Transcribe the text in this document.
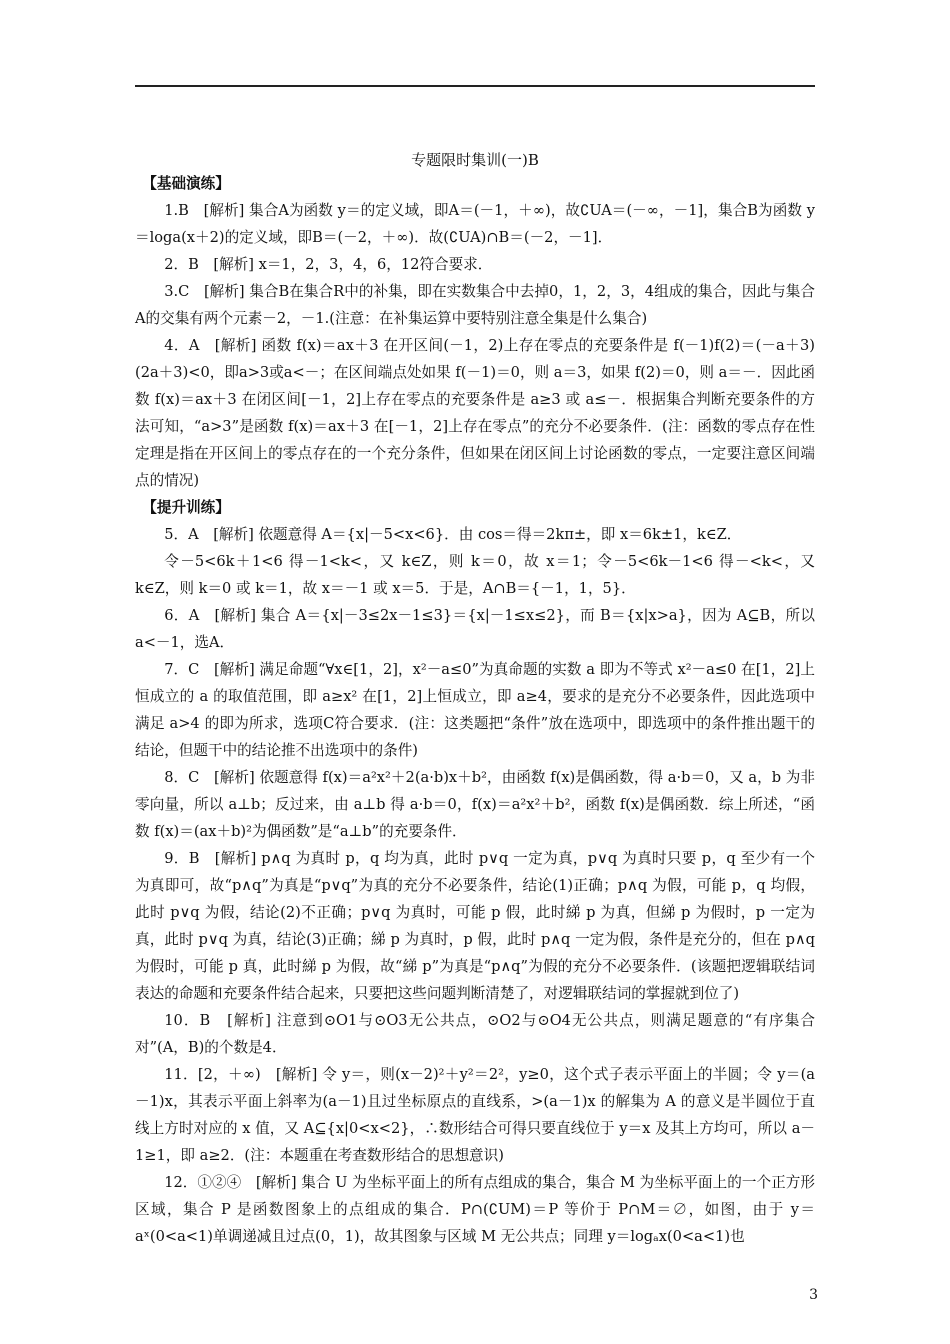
专题限时集训(一)B

【基础演练】

1.B　[解析] 集合A为函数 y＝的定义域，即A＝(－1，＋∞)，故∁UA＝(－∞，－1]，集合B为函数 y＝loga(x＋2)的定义域，即B＝(－2，＋∞)．故(∁UA)∩B＝(－2，－1]．

2．B　[解析] x＝1，2，3，4，6，12符合要求．

3.C　[解析] 集合B在集合R中的补集，即在实数集合中去掉0，1，2，3，4组成的集合，因此与集合A的交集有两个元素－2，－1.(注意：在补集运算中要特别注意全集是什么集合)

4．A　[解析] 函数 f(x)＝ax＋3 在开区间(－1，2)上存在零点的充要条件是 f(－1)f(2)＝(－a＋3)(2a＋3)<0，即a>3或a<－；在区间端点处如果 f(－1)＝0，则 a＝3，如果 f(2)＝0，则 a＝－．因此函数 f(x)＝ax＋3 在闭区间[－1，2]上存在零点的充要条件是 a≥3 或 a≤－．根据集合判断充要条件的方法可知，“a>3”是函数 f(x)＝ax＋3 在[－1，2]上存在零点”的充分不必要条件．(注：函数的零点存在性定理是指在开区间上的零点存在的一个充分条件，但如果在闭区间上讨论函数的零点，一定要注意区间端点的情况)

【提升训练】

5．A　[解析] 依题意得 A＝{x|－5<x<6}．由 cos＝得＝2kπ±，即 x＝6k±1，k∈Z．

令－5<6k＋1<6 得－1<k<，又 k∈Z，则 k＝0，故 x＝1；令－5<6k－1<6 得－<k<，又 k∈Z，则 k＝0 或 k＝1，故 x＝－1 或 x＝5．于是，A∩B＝{－1，1，5}．

6．A　[解析] 集合 A＝{x|－3≤2x－1≤3}＝{x|－1≤x≤2}，而 B＝{x|x>a}，因为 A⊆B，所以 a<－1，选A．

7．C　[解析] 满足命题“∀x∈[1，2]，x²－a≤0”为真命题的实数 a 即为不等式 x²－a≤0 在[1，2]上恒成立的 a 的取值范围，即 a≥x² 在[1，2]上恒成立，即 a≥4，要求的是充分不必要条件，因此选项中满足 a>4 的即为所求，选项C符合要求．(注：这类题把“条件”放在选项中，即选项中的条件推出题干的结论，但题干中的结论推不出选项中的条件)

8．C　[解析] 依题意得 f(x)＝a²x²＋2(a·b)x＋b²，由函数 f(x)是偶函数，得 a·b＝0，又 a，b 为非零向量，所以 a⊥b；反过来，由 a⊥b 得 a·b＝0，f(x)＝a²x²＋b²，函数 f(x)是偶函数．综上所述，“函数 f(x)＝(ax＋b)²为偶函数”是“a⊥b”的充要条件．

9．B　[解析] p∧q 为真时 p，q 均为真，此时 p∨q 一定为真，p∨q 为真时只要 p，q 至少有一个为真即可，故“p∧q”为真是“p∨q”为真的充分不必要条件，结论(1)正确；p∧q 为假，可能 p，q 均假，此时 p∨q 为假，结论(2)不正确；p∨q 为真时，可能 p 假，此时綈 p 为真，但綈 p 为假时，p 一定为真，此时 p∨q 为真，结论(3)正确；綈 p 为真时，p 假，此时 p∧q 一定为假，条件是充分的，但在 p∧q 为假时，可能 p 真，此时綈 p 为假，故“綈 p”为真是“p∧q”为假的充分不必要条件．(该题把逻辑联结词表达的命题和充要条件结合起来，只要把这些问题判断清楚了，对逻辑联结词的掌握就到位了)

10．B　[解析] 注意到⊙O1与⊙O3无公共点，⊙O2与⊙O4无公共点，则满足题意的“有序集合对”(A，B)的个数是4．

11．[2，＋∞)　[解析] 令 y＝，则(x－2)²＋y²＝2²，y≥0，这个式子表示平面上的半圆；令 y＝(a－1)x，其表示平面上斜率为(a－1)且过坐标原点的直线系，>(a－1)x 的解集为 A 的意义是半圆位于直线上方时对应的 x 值，又 A⊆{x|0<x<2}，∴数形结合可得只要直线位于 y＝x 及其上方均可，所以 a－1≥1，即 a≥2．(注：本题重在考查数形结合的思想意识)

12．①②④　[解析] 集合 U 为坐标平面上的所有点组成的集合，集合 M 为坐标平面上的一个正方形区域，集合 P 是函数图象上的点组成的集合．P∩(∁UM)＝P 等价于 P∩M＝∅，如图，由于 y＝aˣ(0<a<1)单调递减且过点(0，1)，故其图象与区域 M 无公共点；同理 y＝logₐx(0<a<1)也

3
